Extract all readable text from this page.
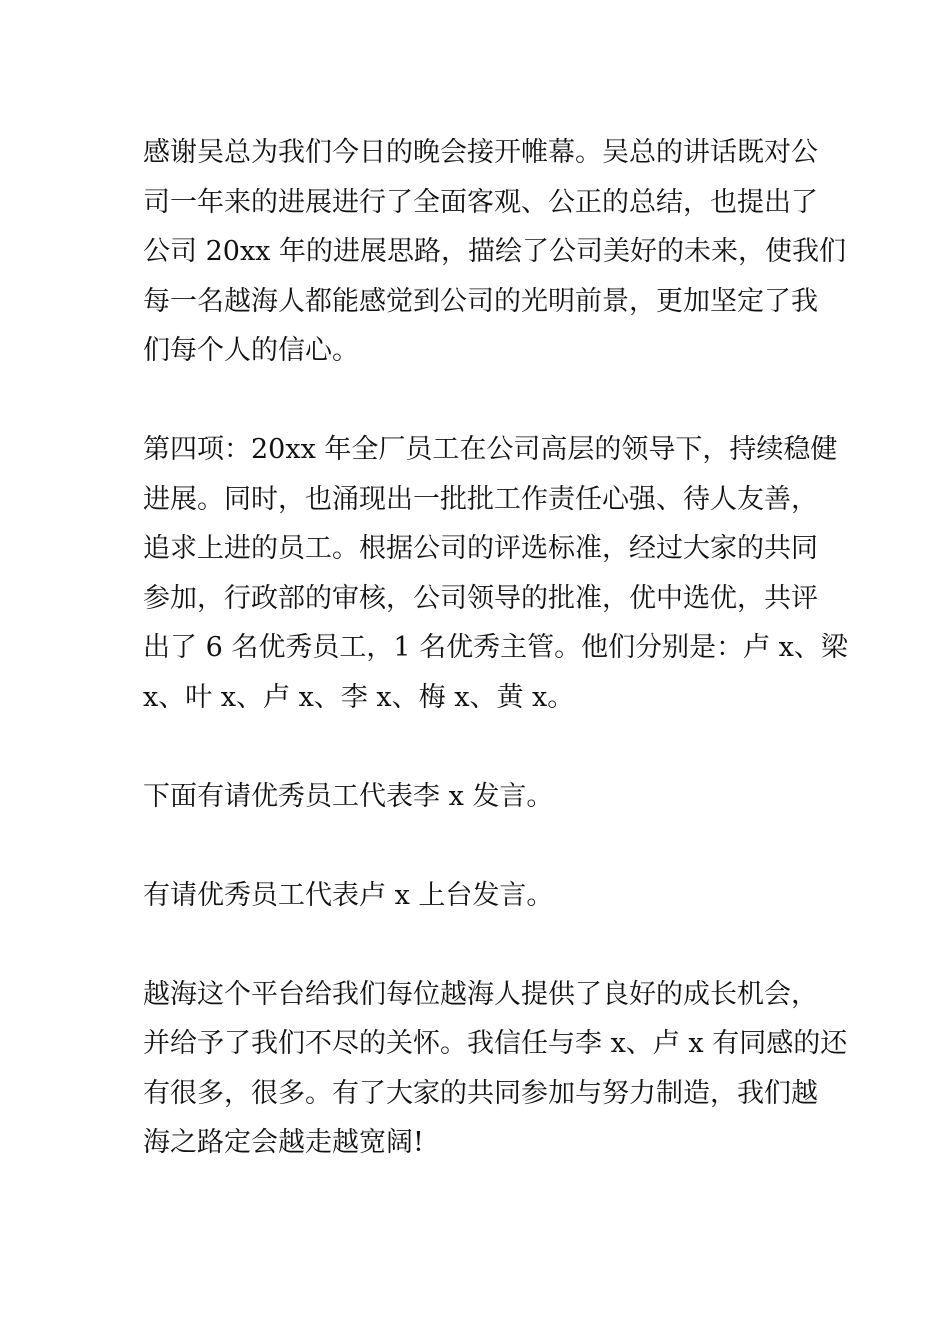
感谢吴总为我们今日的晚会接开帷幕。吴总的讲话既对公

司一年来的进展进行了全面客观、公正的总结，也提出了

公司 20xx 年的进展思路，描绘了公司美好的未来，使我们

每一名越海人都能感觉到公司的光明前景，更加坚定了我

们每个人的信心。

第四项：20xx 年全厂员工在公司高层的领导下，持续稳健

进展。同时，也涌现出一批批工作责任心强、待人友善，

追求上进的员工。根据公司的评选标准，经过大家的共同

参加，行政部的审核，公司领导的批准，优中选优，共评

出了 6 名优秀员工，1 名优秀主管。他们分别是：卢 x、梁

x、叶 x、卢 x、李 x、梅 x、黄 x。

下面有请优秀员工代表李 x 发言。

有请优秀员工代表卢 x 上台发言。

越海这个平台给我们每位越海人提供了良好的成长机会，

并给予了我们不尽的关怀。我信任与李 x、卢 x 有同感的还

有很多，很多。有了大家的共同参加与努力制造，我们越

海之路定会越走越宽阔!
